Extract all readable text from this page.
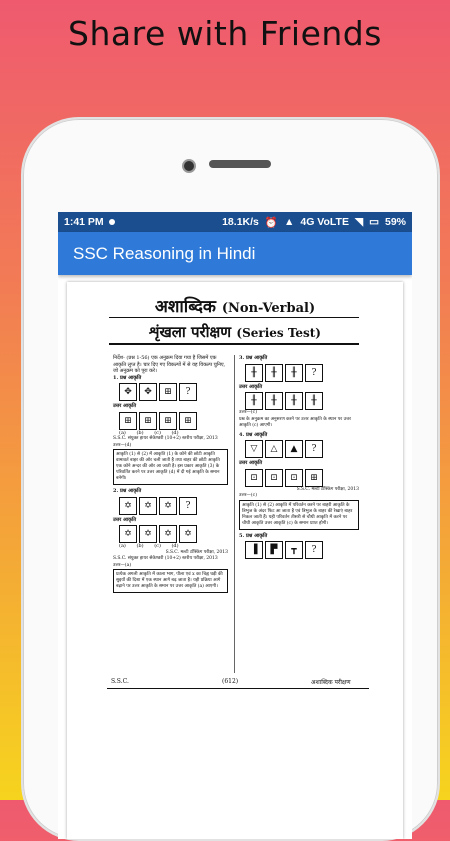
Share with Friends
1:41 PM	18.1K/s ⏰ ▲ 4G VoLTE ◥ ▭ 59%
SSC Reasoning in Hindi
अशाब्दिक (Non-Verbal)
शृंखला परीक्षण (Series Test)
निर्देश- (प्रश्न 1-56) एक अनुक्रम दिया गया है जिसमें एक आकृति लुप्त है। चार दिए गए विकल्पों में से वह विकल्प चुनिए, जो अनुक्रम को पूरा करे।
1. प्रश्न आकृति
✥ ✥ ⊞ ?
उत्तर आकृति
⊞ ⊞ ⊞ ⊞
(a) (b) (c) (d)
S.S.C. संयुक्त हायर सेकेण्डरी (10+2) स्तरीय परीक्षा, 2013
उत्तर—(d)
आकृति (1) से (2) में आकृति (1) के कोने की छोटी आकृति वामावर्त बाहर की ओर चली जाती है तथा बाहर की छोटी आकृति एक कोने अन्दर की ओर आ जाती है। इस प्रकार आकृति (3) के परिवर्तित करने पर उत्तर आकृति (d) में दी गई आकृति के समान बनेगी।
2. प्रश्न आकृति
✡ ✡ ✡ ?
उत्तर आकृति
✡ ✡ ✡ ✡
(a) (b) (c) (d)
S.S.C. मल्टी टॉस्किंग परीक्षा, 2013
S.S.C. संयुक्त हायर सेकेण्डरी (10+2) स्तरीय परीक्षा, 2013
उत्तर—(a)
प्रत्येक अगली आकृति में काला भाग, पीला एवं x का चिह्न घड़ी की सुइयों की दिशा में एक स्थान आगे बढ़ जाता है। यही प्रक्रिया आगे बढ़ाने पर उत्तर आकृति के समान पर उत्तर आकृति (a) आएगी।
3. प्रश्न आकृति
╫ ╫ ╫ ?
उत्तर आकृति
╫ ╫ ╫ ╫
उत्तर—(c)
प्रश्न के अनुक्रम का अनुसरण करने पर उत्तर आकृति के स्थान पर उत्तर आकृति (c) आएगी।
4. प्रश्न आकृति
▽ △ ▲ ?
उत्तर आकृति
⊡ ⊡ ⊡ ⊞
S.S.C. मल्टी टॉस्किंग परीक्षा, 2013
उत्तर—(c)
आकृति (1) से (2) आकृति में परिवर्तन करने पर बाहरी आकृति के त्रिभुज के अंदर फिट आ जाता है एवं त्रिभुज के बाहर की रेखाएं बाहर निकल जाती हैं। यही परिवर्तन तीसरी से चौथी आकृति में करने पर चौथी आकृति उत्तर आकृति (c) के समान प्राप्त होगी।
5. प्रश्न आकृति
▐ ▛ ┳ ?
S.S.C.	(612)	अशाब्दिक परीक्षण
